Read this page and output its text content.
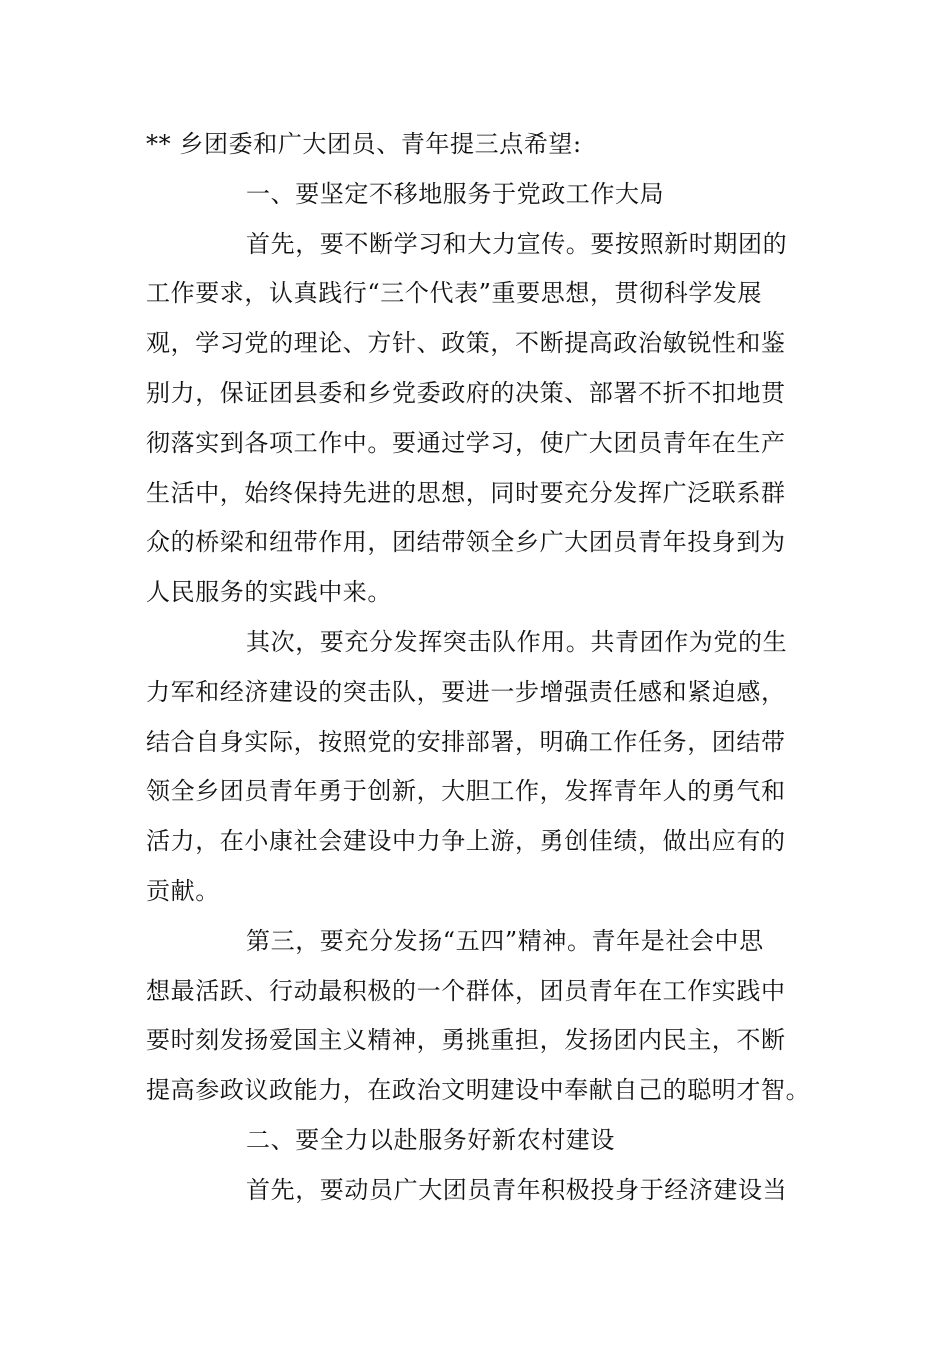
** 乡团委和广大团员、青年提三点希望:
一、要坚定不移地服务于党政工作大局
首先，要不断学习和大力宣传。要按照新时期团的
工作要求，认真践行“三个代表”重要思想，贯彻科学发展
观，学习党的理论、方针、政策，不断提高政治敏锐性和鉴
别力，保证团县委和乡党委政府的决策、部署不折不扣地贯
彻落实到各项工作中。要通过学习，使广大团员青年在生产
生活中，始终保持先进的思想，同时要充分发挥广泛联系群
众的桥梁和纽带作用，团结带领全乡广大团员青年投身到为
人民服务的实践中来。
其次，要充分发挥突击队作用。共青团作为党的生
力军和经济建设的突击队，要进一步增强责任感和紧迫感，
结合自身实际，按照党的安排部署，明确工作任务，团结带
领全乡团员青年勇于创新，大胆工作，发挥青年人的勇气和
活力，在小康社会建设中力争上游，勇创佳绩，做出应有的
贡献。
第三，要充分发扬“五四”精神。青年是社会中思
想最活跃、行动最积极的一个群体，团员青年在工作实践中
要时刻发扬爱国主义精神，勇挑重担，发扬团内民主，不断
提高参政议政能力，在政治文明建设中奉献自己的聪明才智。
二、要全力以赴服务好新农村建设
首先，要动员广大团员青年积极投身于经济建设当
